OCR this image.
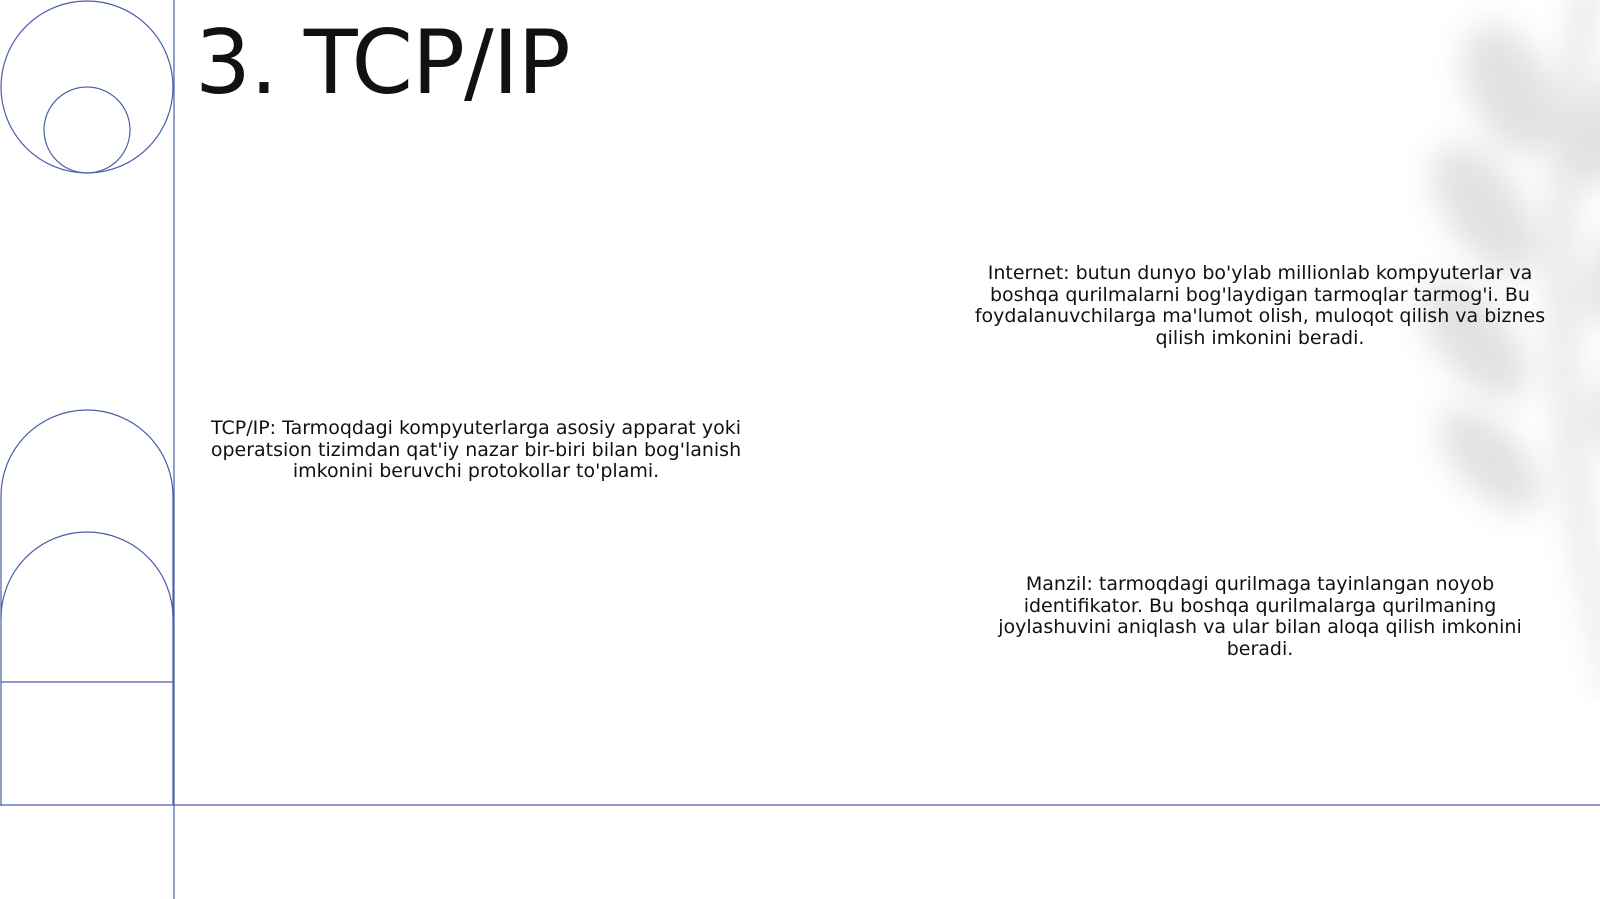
3. TCP/IP
TCP/IP: Tarmoqdagi kompyuterlarga asosiy apparat yoki operatsion tizimdan qat'iy nazar bir-biri bilan bog'lanish imkonini beruvchi protokollar to'plami.
Internet: butun dunyo bo'ylab millionlab kompyuterlar va boshqa qurilmalarni bog'laydigan tarmoqlar tarmog'i. Bu foydalanuvchilarga ma'lumot olish, muloqot qilish va biznes qilish imkonini beradi.
Manzil: tarmoqdagi qurilmaga tayinlangan noyob identifikator. Bu boshqa qurilmalarga qurilmaning joylashuvini aniqlash va ular bilan aloqa qilish imkonini beradi.
